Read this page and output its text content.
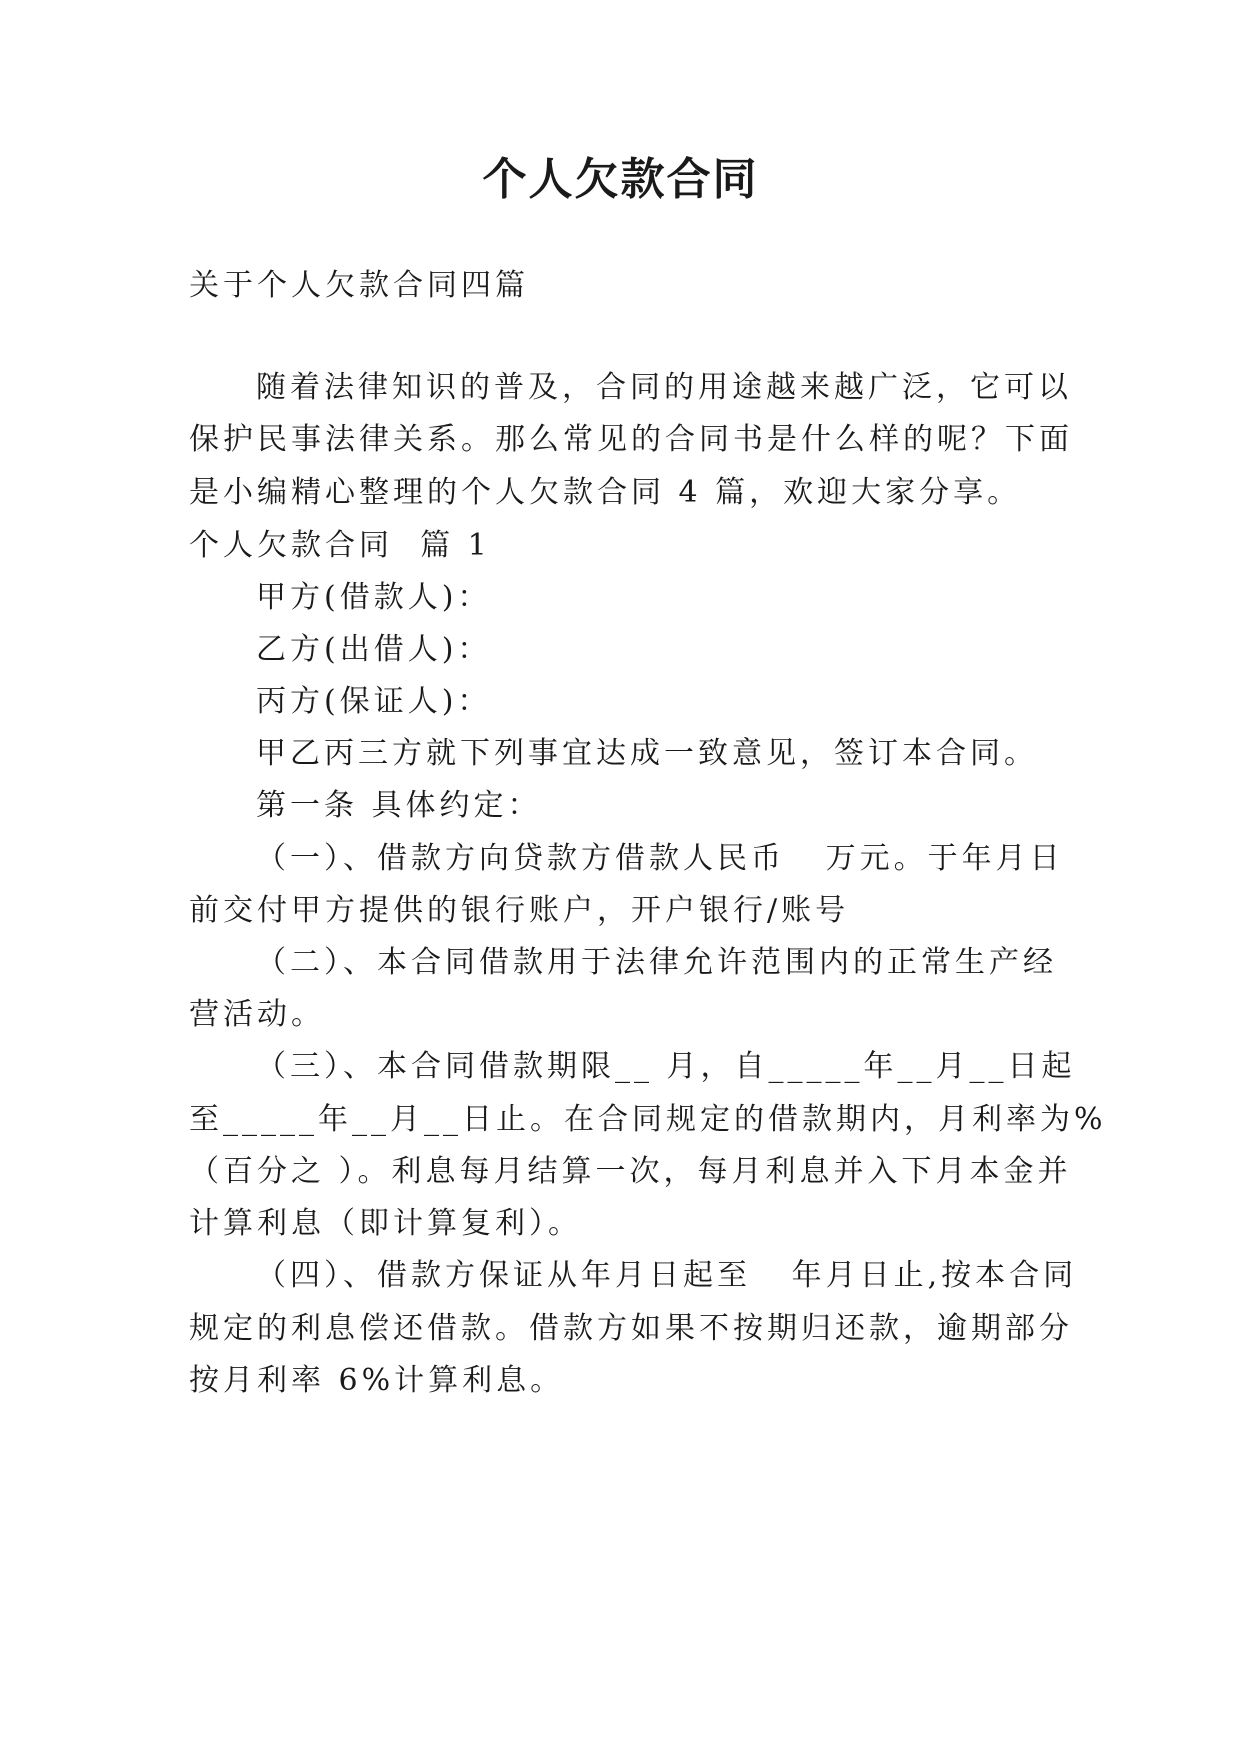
个人欠款合同
关于个人欠款合同四篇
随着法律知识的普及，合同的用途越来越广泛，它可以
保护民事法律关系。那么常见的合同书是什么样的呢？下面
是小编精心整理的个人欠款合同 4 篇，欢迎大家分享。
个人欠款合同  篇 1
甲方(借款人)：
乙方(出借人)：
丙方(保证人)：
甲乙丙三方就下列事宜达成一致意见，签订本合同。
第一条 具体约定：
（一）、借款方向贷款方借款人民币   万元。于年月日
前交付甲方提供的银行账户，开户银行/账号
（二）、本合同借款用于法律允许范围内的正常生产经
营活动。
（三）、本合同借款期限__ 月，自_____年__月__日起
至_____年__月__日止。在合同规定的借款期内，月利率为%
（百分之 ）。利息每月结算一次，每月利息并入下月本金并
计算利息（即计算复利）。
（四）、借款方保证从年月日起至   年月日止,按本合同
规定的利息偿还借款。借款方如果不按期归还款，逾期部分
按月利率 6%计算利息。
